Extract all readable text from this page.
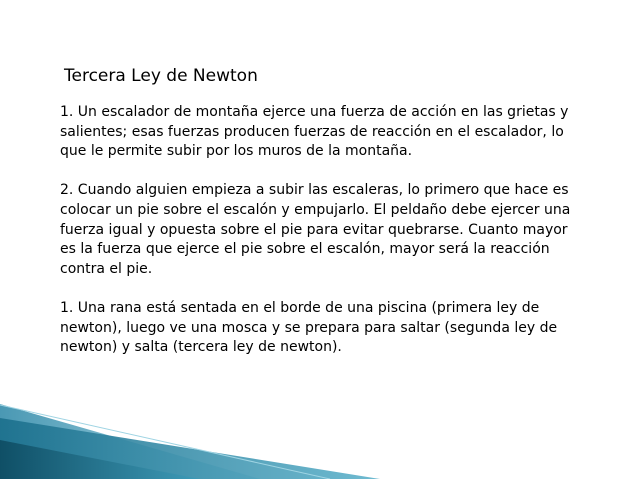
Tercera Ley de Newton

1. Un escalador de montaña ejerce una fuerza de acción en las grietas y salientes; esas fuerzas producen fuerzas de reacción en el escalador, lo que le permite subir por los muros de la montaña.

2. Cuando alguien empieza a subir las escaleras, lo primero que hace es colocar un pie sobre el escalón y empujarlo. El peldaño debe ejercer una fuerza igual y opuesta sobre el pie para evitar quebrarse. Cuanto mayor es la fuerza que ejerce el pie sobre el escalón, mayor será la reacción contra el pie.

1. Una rana está sentada en el borde de una piscina (primera ley de newton), luego ve una mosca y se prepara para saltar (segunda ley de newton) y salta (tercera ley de newton).
